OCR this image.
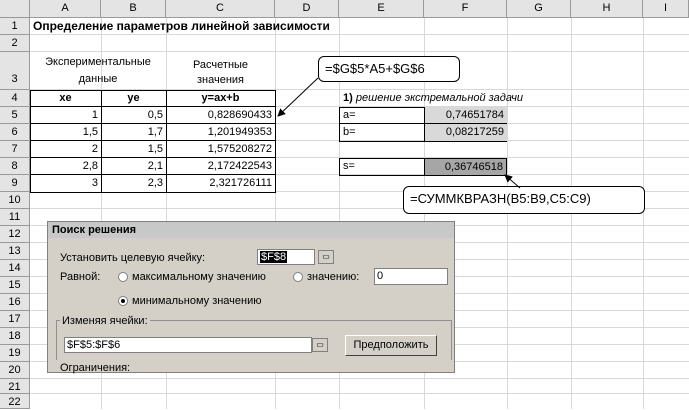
A	B	C	D	E	F	G	H	I
1
2
3
4
5
6
7
8
9
10
11
12
13
14
15
16
17
18
19
20
21
22
Определение параметров линейной зависимости
Экспериментальные
данные
Расчетные
значения
xe	ye	y=ax+b
1	0,5	0,828690433
1,5	1,7	1,201949353
2	1,5	1,575208272
2,8	2,1	2,172422543
3	2,3	2,321726111
1) решение экстремальной задачи
a=	0,74651784
b=	0,08217259
s=	0,36746518
=$G$5*A5+$G$6
=СУММКВРАЗН(B5:B9,C5:C9)
Поиск решения
Установить целевую ячейку:	$F$8	▭
Равной:	максимальному значению	значению: 0
минимальному значению
Изменяя ячейки:
$F$5:$F$6	▭	Предположить
Ограничения:
